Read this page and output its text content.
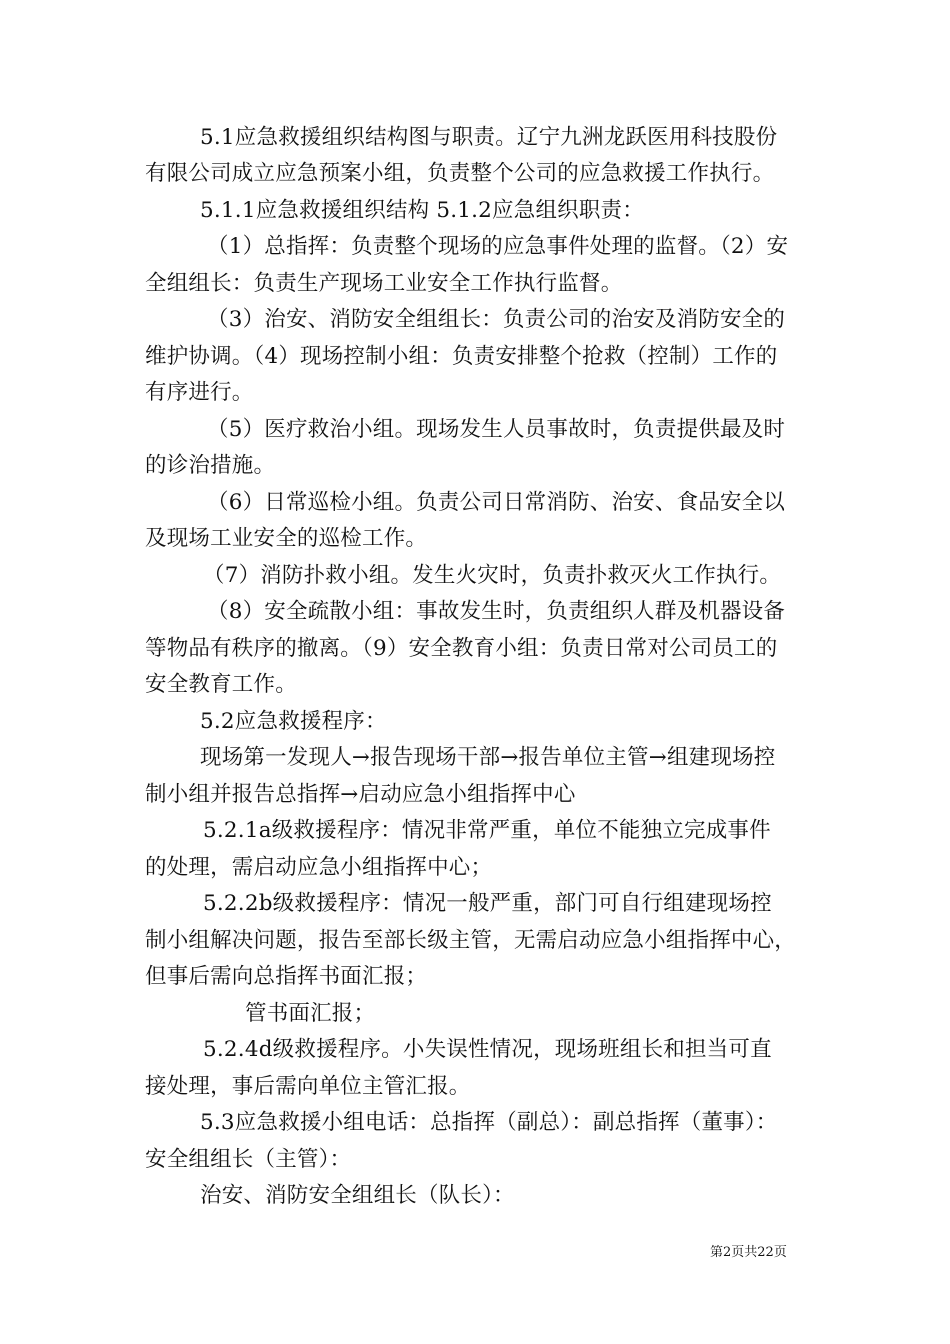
5.1应急救援组织结构图与职责。辽宁九洲龙跃医用科技股份
有限公司成立应急预案小组，负责整个公司的应急救援工作执行。
5.1.1应急救援组织结构 5.1.2应急组织职责：
（1）总指挥：负责整个现场的应急事件处理的监督。（2）安
全组组长：负责生产现场工业安全工作执行监督。
（3）治安、消防安全组组长：负责公司的治安及消防安全的
维护协调。（4）现场控制小组：负责安排整个抢救（控制）工作的
有序进行。
（5）医疗救治小组。现场发生人员事故时，负责提供最及时
的诊治措施。
（6）日常巡检小组。负责公司日常消防、治安、食品安全以
及现场工业安全的巡检工作。
（7）消防扑救小组。发生火灾时，负责扑救灭火工作执行。
（8）安全疏散小组：事故发生时，负责组织人群及机器设备
等物品有秩序的撤离。（9）安全教育小组：负责日常对公司员工的
安全教育工作。
5.2应急救援程序：
现场第一发现人→报告现场干部→报告单位主管→组建现场控
制小组并报告总指挥→启动应急小组指挥中心
5.2.1a级救援程序：情况非常严重，单位不能独立完成事件
的处理，需启动应急小组指挥中心；
5.2.2b级救援程序：情况一般严重，部门可自行组建现场控
制小组解决问题，报告至部长级主管，无需启动应急小组指挥中心，
但事后需向总指挥书面汇报；
管书面汇报；
5.2.4d级救援程序。小失误性情况，现场班组长和担当可直
接处理，事后需向单位主管汇报。
5.3应急救援小组电话：总指挥（副总）：副总指挥（董事）：
安全组组长（主管）：
治安、消防安全组组长（队长）：
第2页共22页
